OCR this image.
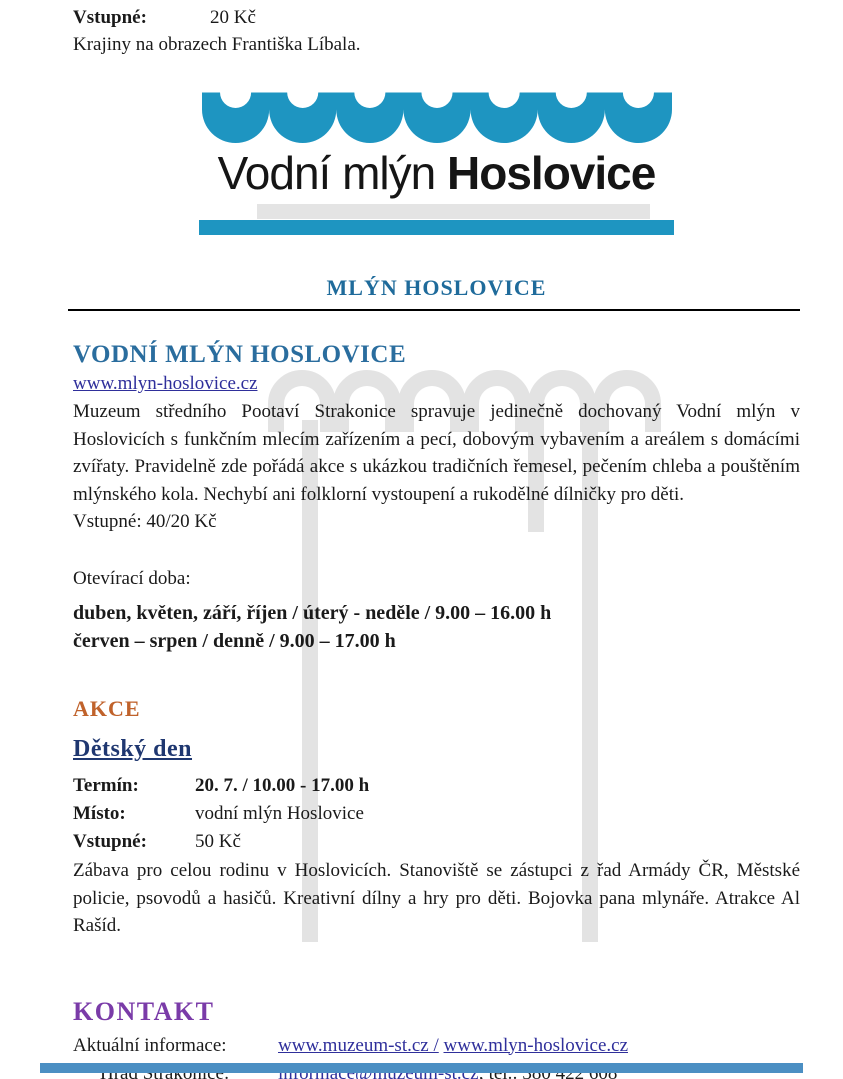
Vstupné:	20 Kč
Krajiny na obrazech Františka Líbala.
Vodní mlýn Hoslovice
MLÝN HOSLOVICE
VODNÍ MLÝN HOSLOVICE
www.mlyn-hoslovice.cz

Muzeum středního Pootaví Strakonice spravuje jedinečně dochovaný Vodní mlýn v Hoslovicích s funkčním mlecím zařízením a pecí, dobovým vybavením a areálem s domácími zvířaty. Pravidelně zde pořádá akce s ukázkou tradičních řemesel, pečením chleba a pouštěním mlýnského kola. Nechybí ani folklorní vystoupení a rukodělné dílničky pro děti.

Vstupné: 40/20 Kč

Otevírací doba:

duben, květen, září, říjen / úterý - neděle / 9.00 – 16.00 h

červen – srpen / denně / 9.00 – 17.00 h

AKCE
Dětský den
Termín:	20. 7. / 10.00 - 17.00 h
Místo:	vodní mlýn Hoslovice
Vstupné:	50 Kč

Zábava pro celou rodinu v Hoslovicích. Stanoviště se zástupci z řad Armády ČR, Městské policie, psovodů a hasičů. Kreativní dílny a hry pro děti. Bojovka pana mlynáře. Atrakce Al Rašíd.

KONTAKT
Aktuální informace:	www.muzeum-st.cz / www.mlyn-hoslovice.cz
